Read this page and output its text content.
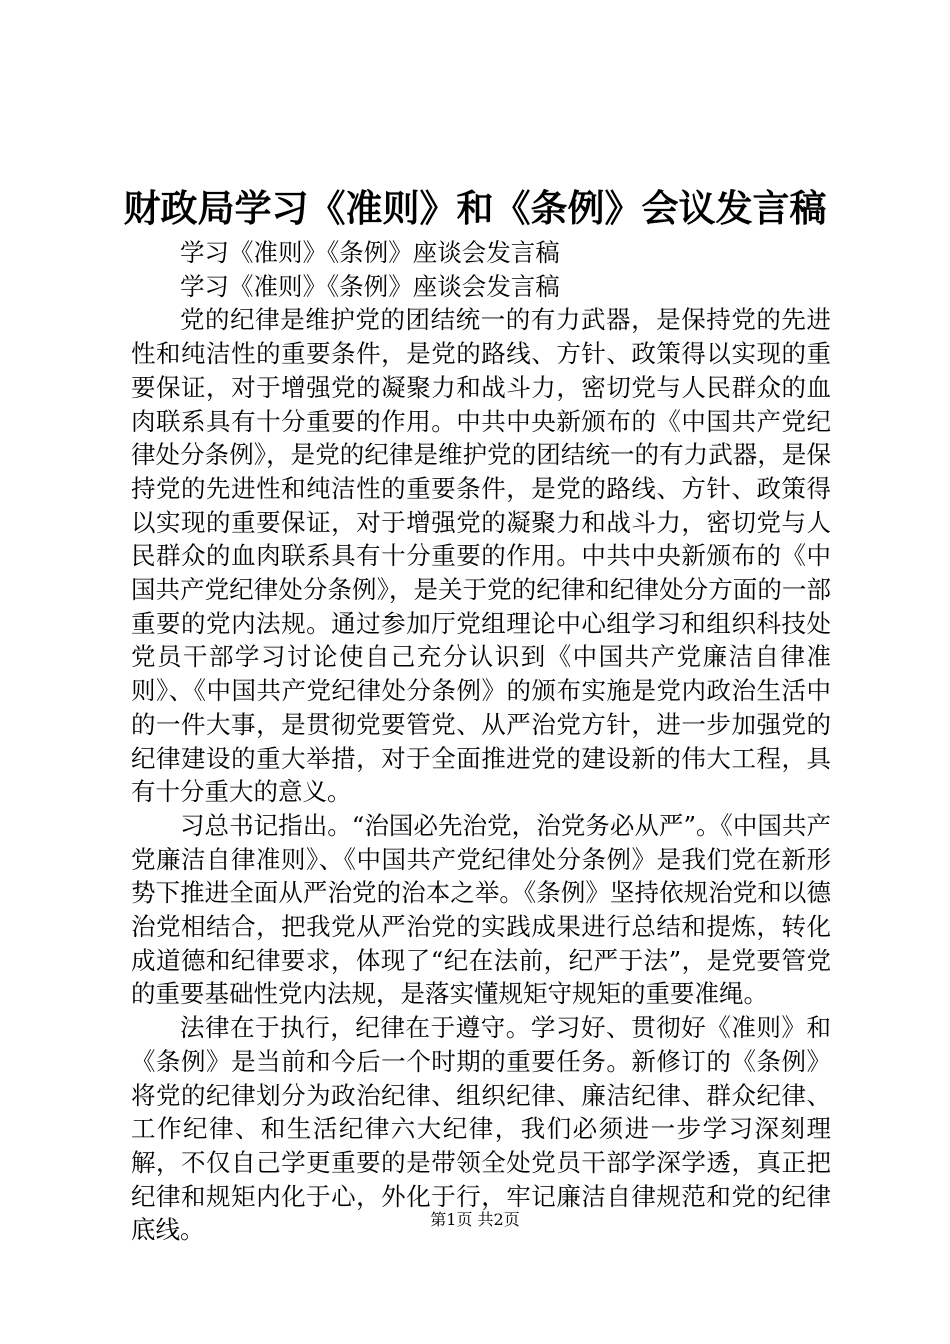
财政局学习《准则》和《条例》会议发言稿

学习《准则》《条例》座谈会发言稿

学习《准则》《条例》座谈会发言稿

党的纪律是维护党的团结统一的有力武器，是保持党的先进性和纯洁性的重要条件，是党的路线、方针、政策得以实现的重要保证，对于增强党的凝聚力和战斗力，密切党与人民群众的血肉联系具有十分重要的作用。中共中央新颁布的《中国共产党纪律处分条例》，是党的纪律是维护党的团结统一的有力武器，是保持党的先进性和纯洁性的重要条件，是党的路线、方针、政策得以实现的重要保证，对于增强党的凝聚力和战斗力，密切党与人民群众的血肉联系具有十分重要的作用。中共中央新颁布的《中国共产党纪律处分条例》，是关于党的纪律和纪律处分方面的一部重要的党内法规。通过参加厅党组理论中心组学习和组织科技处党员干部学习讨论使自己充分认识到《中国共产党廉洁自律准则》、《中国共产党纪律处分条例》的颁布实施是党内政治生活中的一件大事，是贯彻党要管党、从严治党方针，进一步加强党的纪律建设的重大举措，对于全面推进党的建设新的伟大工程，具有十分重大的意义。

习总书记指出。“治国必先治党，治党务必从严”。《中国共产党廉洁自律准则》、《中国共产党纪律处分条例》是我们党在新形势下推进全面从严治党的治本之举。《条例》坚持依规治党和以德治党相结合，把我党从严治党的实践成果进行总结和提炼，转化成道德和纪律要求，体现了“纪在法前，纪严于法”，是党要管党的重要基础性党内法规，是落实懂规矩守规矩的重要准绳。

法律在于执行，纪律在于遵守。学习好、贯彻好《准则》和《条例》是当前和今后一个时期的重要任务。新修订的《条例》将党的纪律划分为政治纪律、组织纪律、廉洁纪律、群众纪律、工作纪律、和生活纪律六大纪律，我们必须进一步学习深刻理解，不仅自己学更重要的是带领全处党员干部学深学透，真正把纪律和规矩内化于心，外化于行，牢记廉洁自律规范和党的纪律底线。	第1页 共2页
